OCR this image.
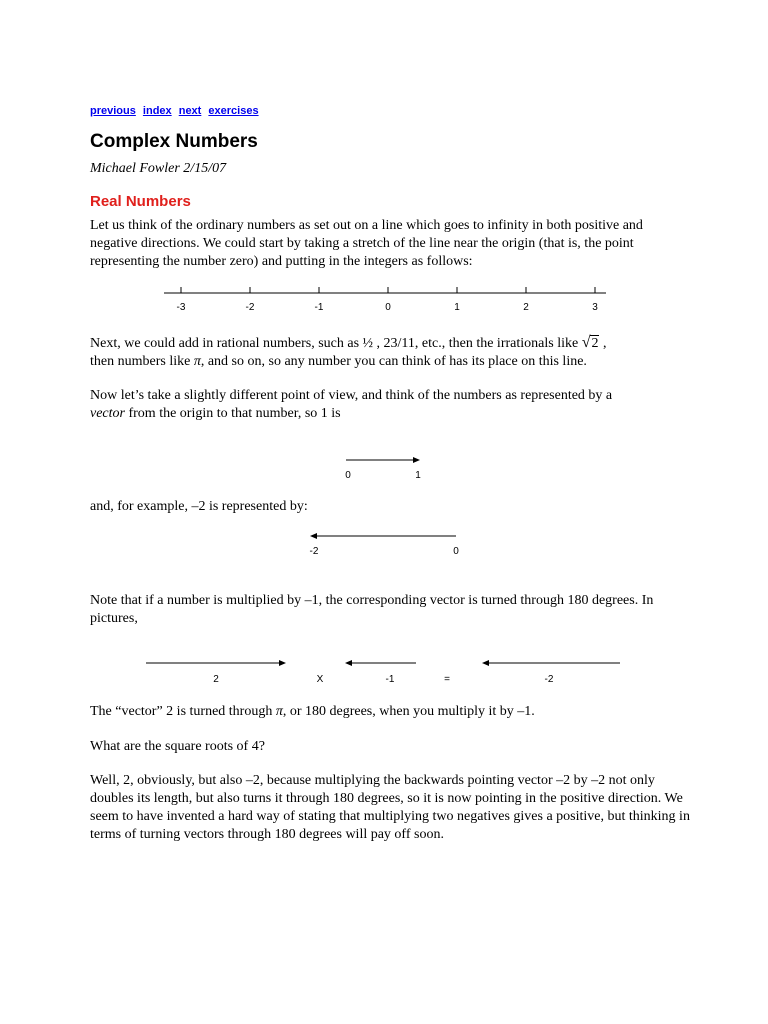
previous index next exercises
Complex Numbers
Michael Fowler 2/15/07
Real Numbers

Let us think of the ordinary numbers as set out on a line which goes to infinity in both positive and negative directions. We could start by taking a stretch of the line near the origin (that is, the point representing the number zero) and putting in the integers as follows:

-3	-2	-1	0	1	2	3

Next, we could add in rational numbers, such as ½ , 23/11, etc., then the irrationals like √2 ,
then numbers like π, and so on, so any number you can think of has its place on this line.

Now let’s take a slightly different point of view, and think of the numbers as represented by a
vector from the origin to that number, so 1 is

0	1

and, for example, –2 is represented by:

-2	0

Note that if a number is multiplied by –1, the corresponding vector is turned through 180 degrees. In pictures,

2	X	-1	=	-2

The “vector” 2 is turned through π, or 180 degrees, when you multiply it by –1.

What are the square roots of 4?

Well, 2, obviously, but also –2, because multiplying the backwards pointing vector –2 by –2 not only doubles its length, but also turns it through 180 degrees, so it is now pointing in the positive direction. We seem to have invented a hard way of stating that multiplying two negatives gives a positive, but thinking in terms of turning vectors through 180 degrees will pay off soon.
